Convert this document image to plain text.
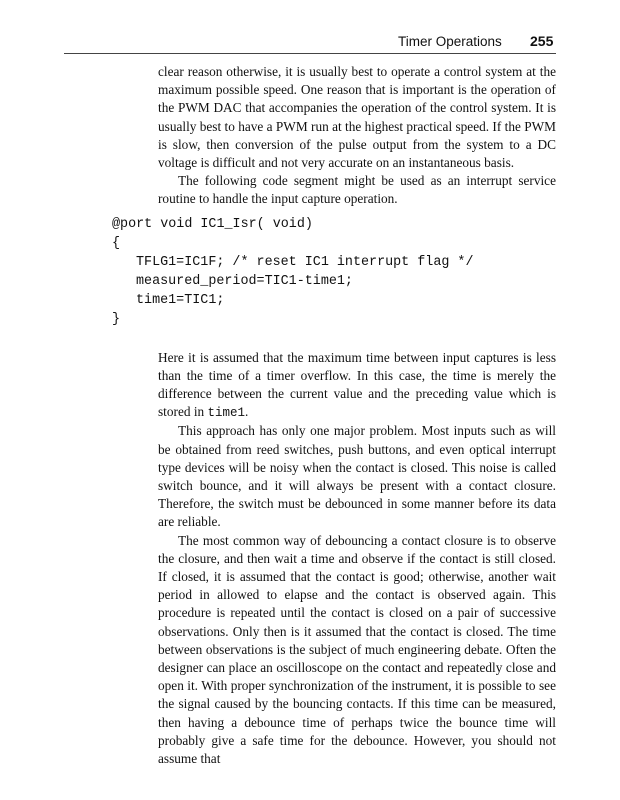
Timer Operations 255

clear reason otherwise, it is usually best to operate a control system at the maximum possible speed. One reason that is important is the operation of the PWM DAC that accompanies the operation of the control system. It is usually best to have a PWM run at the highest practical speed. If the PWM is slow, then conversion of the pulse output from the system to a DC voltage is difficult and not very accurate on an instantaneous basis.

The following code segment might be used as an interrupt service routine to handle the input capture operation.

@port void IC1_Isr( void)
{
TFLG1=IC1F; /* reset IC1 interrupt flag */
measured_period=TIC1-time1;
time1=TIC1;
}

Here it is assumed that the maximum time between input captures is less than the time of a timer overflow. In this case, the time is merely the difference between the current value and the preceding value which is stored in time1.

This approach has only one major problem. Most inputs such as will be obtained from reed switches, push buttons, and even optical interrupt type devices will be noisy when the contact is closed. This noise is called switch bounce, and it will always be present with a contact closure. Therefore, the switch must be debounced in some manner before its data are reliable.

The most common way of debouncing a contact closure is to observe the closure, and then wait a time and observe if the contact is still closed. If closed, it is assumed that the contact is good; otherwise, another wait period in allowed to elapse and the contact is observed again. This procedure is repeated until the contact is closed on a pair of successive observations. Only then is it assumed that the contact is closed. The time between observations is the subject of much engineering debate. Often the designer can place an oscilloscope on the contact and repeatedly close and open it. With proper synchronization of the instrument, it is possible to see the signal caused by the bouncing contacts. If this time can be measured, then having a debounce time of perhaps twice the bounce time will probably give a safe time for the debounce. However, you should not assume that
